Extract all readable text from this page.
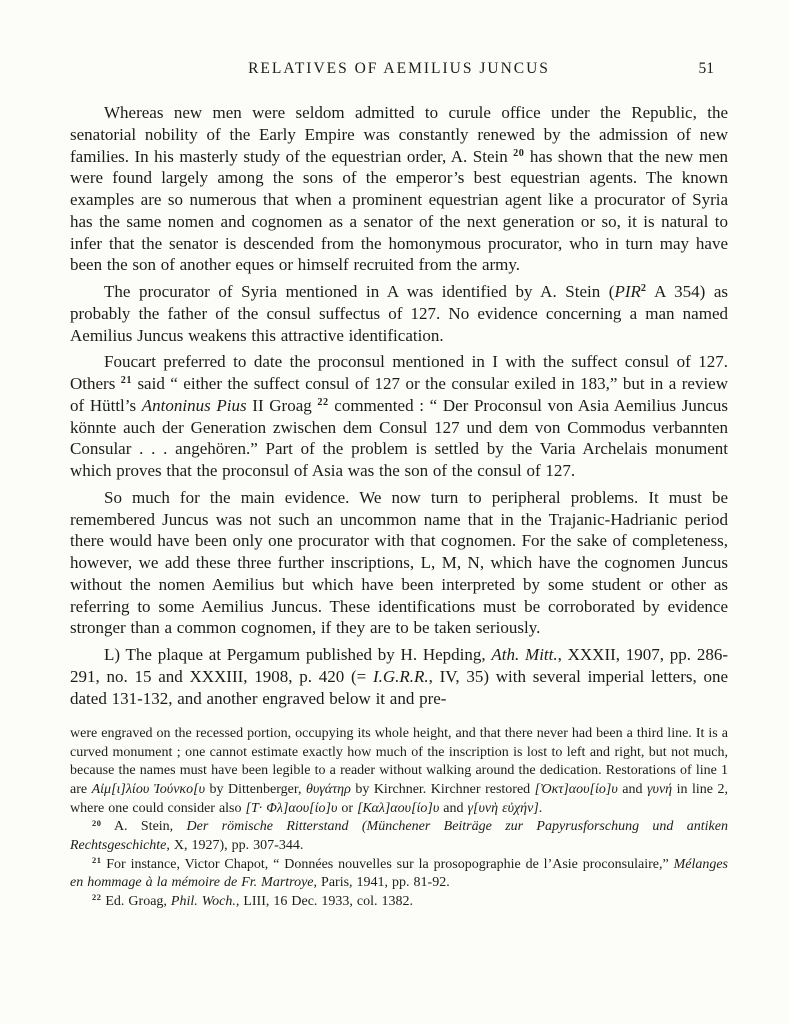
RELATIVES OF AEMILIUS JUNCUS	51

Whereas new men were seldom admitted to curule office under the Republic, the senatorial nobility of the Early Empire was constantly renewed by the admission of new families. In his masterly study of the equestrian order, A. Stein $^{20}$ has shown that the new men were found largely among the sons of the emperor’s best equestrian agents. The known examples are so numerous that when a prominent equestrian agent like a procurator of Syria has the same nomen and cognomen as a senator of the next generation or so, it is natural to infer that the senator is descended from the homonymous procurator, who in turn may have been the son of another eques or himself recruited from the army.

The procurator of Syria mentioned in A was identified by A. Stein (PIR$^2$ A 354) as probably the father of the consul suffectus of 127. No evidence concerning a man named Aemilius Juncus weakens this attractive identification.

Foucart preferred to date the proconsul mentioned in I with the suffect consul of 127. Others $^{21}$ said “ either the suffect consul of 127 or the consular exiled in 183,” but in a review of Hüttl’s Antoninus Pius II Groag $^{22}$ commented : “ Der Proconsul von Asia Aemilius Juncus könnte auch der Generation zwischen dem Consul 127 und dem von Commodus verbannten Consular . . . angehören.” Part of the problem is settled by the Varia Archelais monument which proves that the proconsul of Asia was the son of the consul of 127.

So much for the main evidence. We now turn to peripheral problems. It must be remembered Juncus was not such an uncommon name that in the Trajanic-Hadrianic period there would have been only one procurator with that cognomen. For the sake of completeness, however, we add these three further inscriptions, L, M, N, which have the cognomen Juncus without the nomen Aemilius but which have been interpreted by some student or other as referring to some Aemilius Juncus. These identifications must be corroborated by evidence stronger than a common cognomen, if they are to be taken seriously.

L) The plaque at Pergamum published by H. Hepding, Ath. Mitt., XXXII, 1907, pp. 286-291, no. 15 and XXXIII, 1908, p. 420 (= I.G.R.R., IV, 35) with several imperial letters, one dated 131-132, and another engraved below it and pre-

were engraved on the recessed portion, occupying its whole height, and that there never had been a third line. It is a curved monument ; one cannot estimate exactly how much of the inscription is lost to left and right, but not much, because the names must have been legible to a reader without walking around the dedication. Restorations of line 1 are Αἰμ[ι]λίου Ἰούνκο[υ by Dittenberger, θυγάτηρ by Kirchner. Kirchner restored [Ὀκτ]αου[ίο]υ and γυνή in line 2, where one could consider also [Τ· Φλ]αου[ίο]υ or [Καλ]αου[ίο]υ and γ[υνὴ εὐχήν].

$^{20}$ A. Stein, Der römische Ritterstand (Münchener Beiträge zur Papyrusforschung und antiken Rechtsgeschichte, X, 1927), pp. 307-344.

$^{21}$ For instance, Victor Chapot, “ Données nouvelles sur la prosopographie de l’Asie proconsulaire,” Mélanges en hommage à la mémoire de Fr. Martroye, Paris, 1941, pp. 81-92.

$^{22}$ Ed. Groag, Phil. Woch., LIII, 16 Dec. 1933, col. 1382.
